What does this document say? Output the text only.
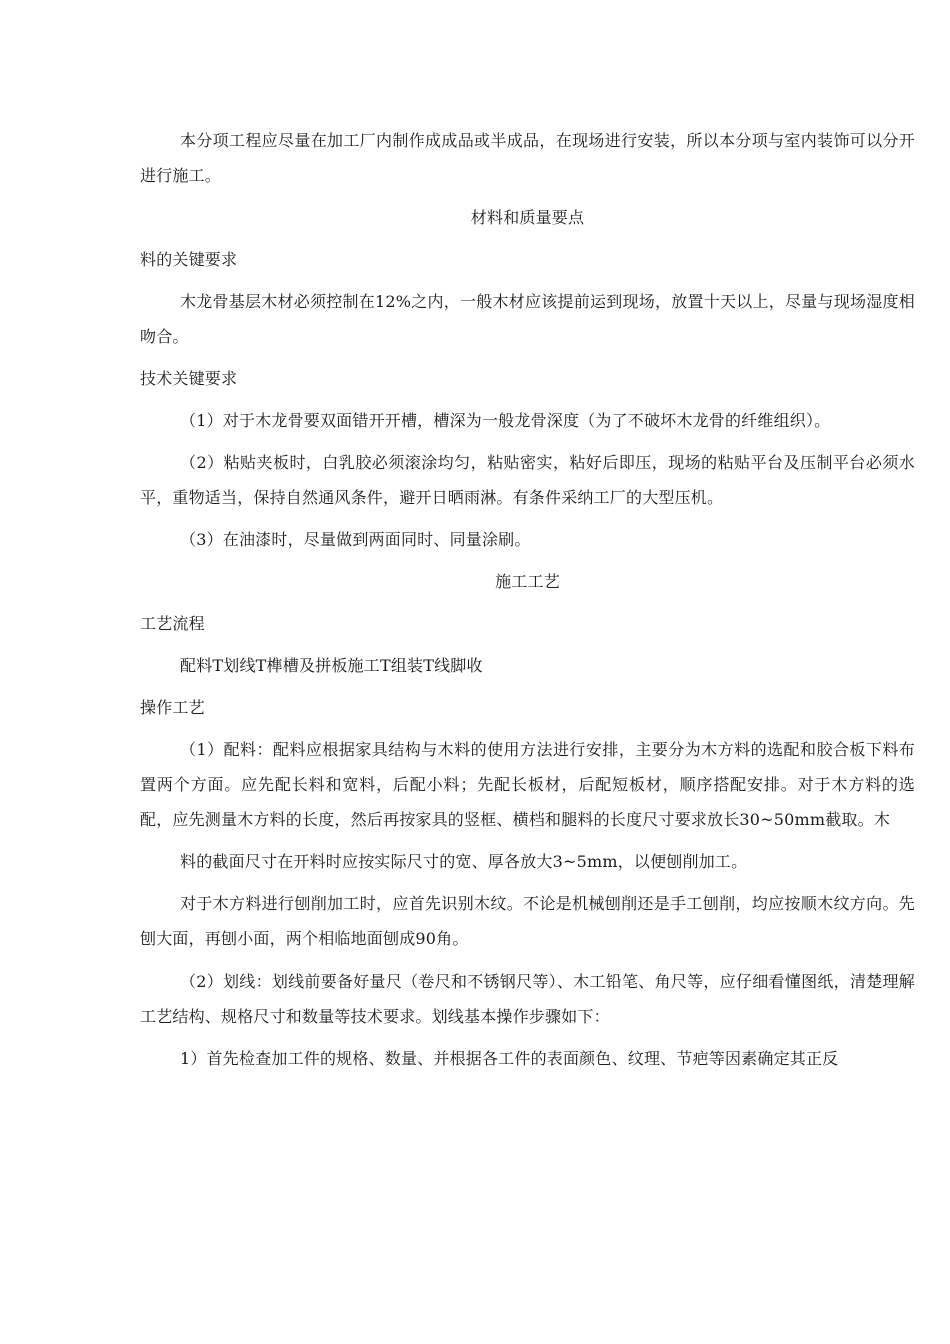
本分项工程应尽量在加工厂内制作成成品或半成品，在现场进行安装，所以本分项与室内装饰可以分开进行施工。

材料和质量要点

料的关键要求

木龙骨基层木材必须控制在12%之内，一般木材应该提前运到现场，放置十天以上，尽量与现场湿度相吻合。

技术关键要求

（1）对于木龙骨要双面错开开槽，槽深为一般龙骨深度（为了不破坏木龙骨的纤维组织）。

（2）粘贴夹板时，白乳胶必须滚涂均匀，粘贴密实，粘好后即压，现场的粘贴平台及压制平台必须水平，重物适当，保持自然通风条件，避开日晒雨淋。有条件采纳工厂的大型压机。

（3）在油漆时，尽量做到两面同时、同量涂刷。

施工工艺

工艺流程

配料T划线T榫槽及拼板施工T组装T线脚收

操作工艺

（1）配料：配料应根据家具结构与木料的使用方法进行安排，主要分为木方料的选配和胶合板下料布置两个方面。应先配长料和宽料，后配小料；先配长板材，后配短板材，顺序搭配安排。对于木方料的选配，应先测量木方料的长度，然后再按家具的竖框、横档和腿料的长度尺寸要求放长30~50mm截取。木

料的截面尺寸在开料时应按实际尺寸的宽、厚各放大3~5mm，以便刨削加工。

对于木方料进行刨削加工时，应首先识别木纹。不论是机械刨削还是手工刨削，均应按顺木纹方向。先刨大面，再刨小面，两个相临地面刨成90角。

（2）划线：划线前要备好量尺（卷尺和不锈钢尺等）、木工铅笔、角尺等，应仔细看懂图纸，清楚理解工艺结构、规格尺寸和数量等技术要求。划线基本操作步骤如下：

1）首先检查加工件的规格、数量、并根据各工件的表面颜色、纹理、节疤等因素确定其正反
